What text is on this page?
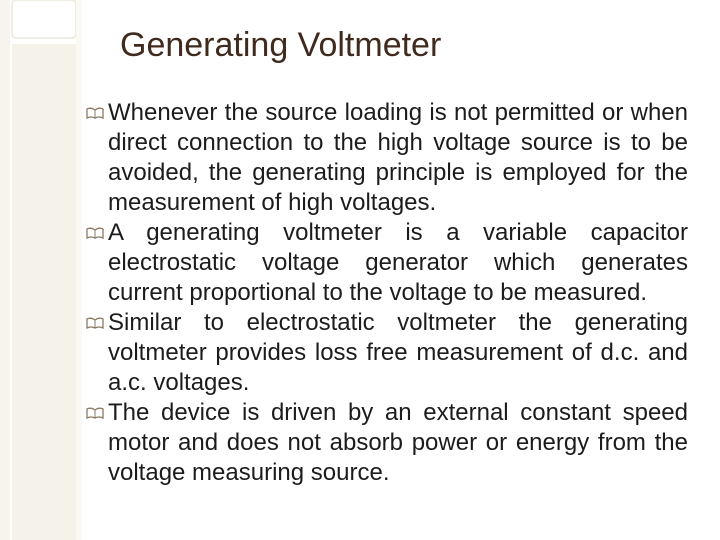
Generating Voltmeter
Whenever the source loading is not permitted or when direct connection to the high voltage source is to be avoided, the generating principle is employed for the measurement of high voltages.
A generating voltmeter is a variable capacitor electrostatic voltage generator which generates current proportional to the voltage to be measured.
Similar to electrostatic voltmeter the generating voltmeter provides loss free measurement of d.c. and a.c. voltages.
The device is driven by an external constant speed motor and does not absorb power or energy from the voltage measuring source.
